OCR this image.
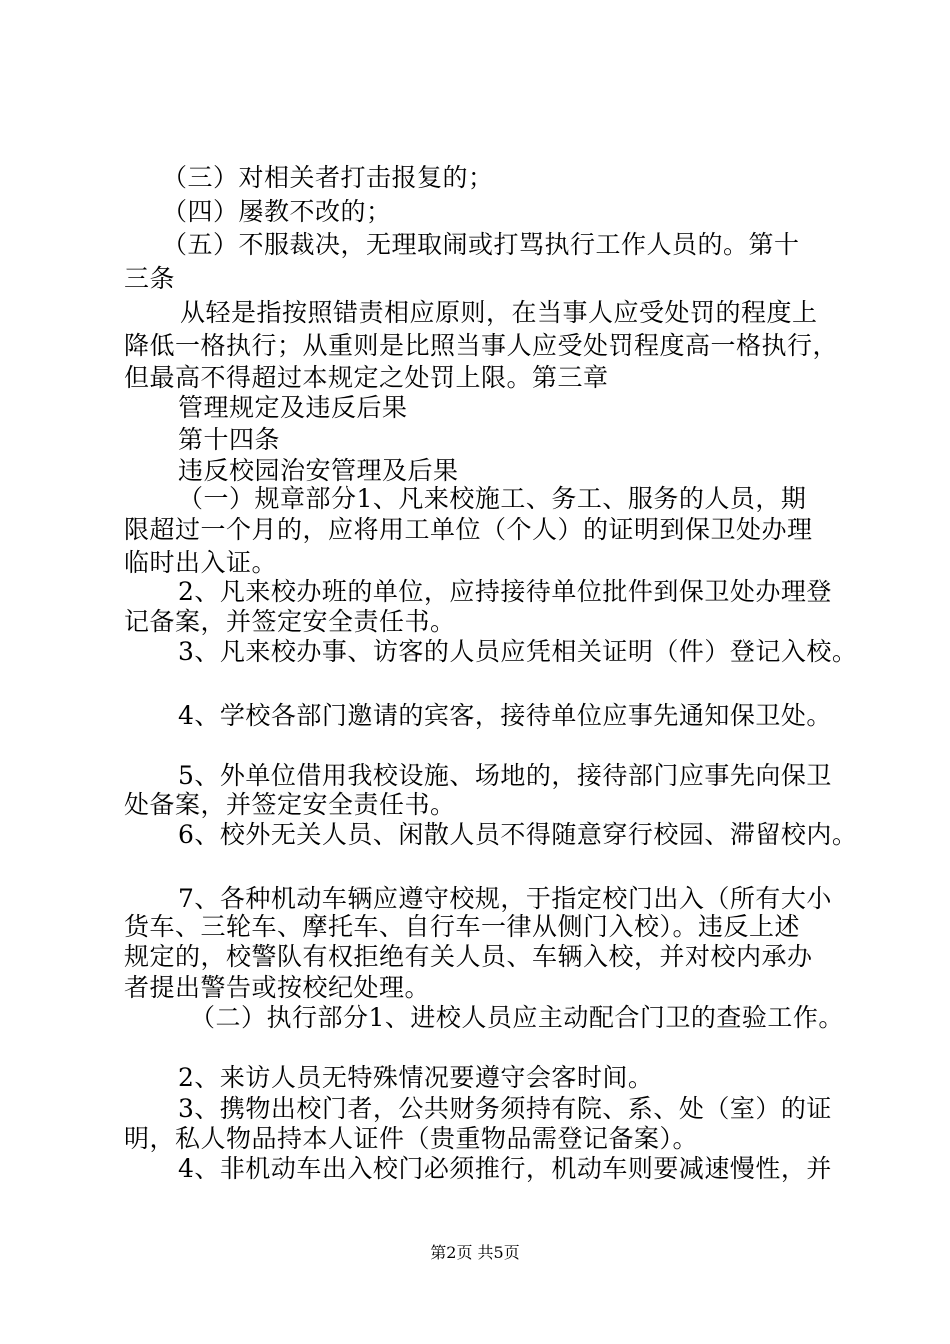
（三）对相关者打击报复的；
（四）屡教不改的；
（五）不服裁决，无理取闹或打骂执行工作人员的。第十
三条
从轻是指按照错责相应原则，在当事人应受处罚的程度上
降低一格执行；从重则是比照当事人应受处罚程度高一格执行，
但最高不得超过本规定之处罚上限。第三章
管理规定及违反后果
第十四条
违反校园治安管理及后果
（一）规章部分1、凡来校施工、务工、服务的人员，期
限超过一个月的，应将用工单位（个人）的证明到保卫处办理
临时出入证。
2、凡来校办班的单位，应持接待单位批件到保卫处办理登
记备案，并签定安全责任书。
3、凡来校办事、访客的人员应凭相关证明（件）登记入校。
4、学校各部门邀请的宾客，接待单位应事先通知保卫处。
5、外单位借用我校设施、场地的，接待部门应事先向保卫
处备案，并签定安全责任书。
6、校外无关人员、闲散人员不得随意穿行校园、滞留校内。
7、各种机动车辆应遵守校规，于指定校门出入（所有大小
货车、三轮车、摩托车、自行车一律从侧门入校）。违反上述
规定的，校警队有权拒绝有关人员、车辆入校，并对校内承办
者提出警告或按校纪处理。
（二）执行部分1、进校人员应主动配合门卫的查验工作。
2、来访人员无特殊情况要遵守会客时间。
3、携物出校门者，公共财务须持有院、系、处（室）的证
明，私人物品持本人证件（贵重物品需登记备案）。
4、非机动车出入校门必须推行，机动车则要减速慢性，并
第2页 共5页
